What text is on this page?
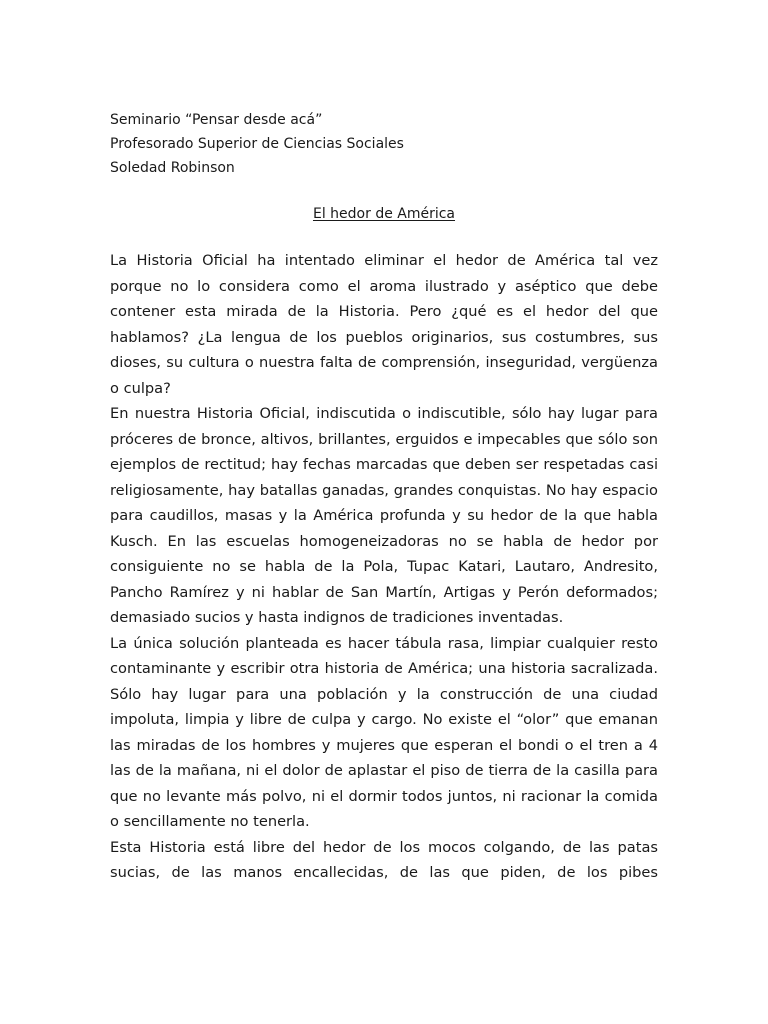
Seminario “Pensar desde acá”

Profesorado Superior de Ciencias Sociales

Soledad Robinson

El hedor de América

La Historia Oficial ha intentado eliminar el hedor de América tal vez porque no lo considera como el aroma ilustrado y aséptico que debe contener esta mirada de la Historia. Pero ¿qué es el hedor del que hablamos? ¿La lengua de los pueblos originarios, sus costumbres, sus dioses, su cultura o nuestra falta de comprensión, inseguridad, vergüenza o culpa?

En nuestra Historia Oficial, indiscutida o indiscutible, sólo hay lugar para próceres de bronce, altivos, brillantes, erguidos e impecables que sólo son ejemplos de rectitud; hay fechas marcadas que deben ser respetadas casi religiosamente, hay batallas ganadas, grandes conquistas. No hay espacio para caudillos, masas y la América profunda y su hedor de la que habla Kusch. En las escuelas homogeneizadoras no se habla de hedor por consiguiente no se habla de la Pola, Tupac Katari, Lautaro, Andresito, Pancho Ramírez y ni hablar de San Martín, Artigas y Perón deformados; demasiado sucios y hasta indignos de tradiciones inventadas.

La única solución planteada es hacer tábula rasa, limpiar cualquier resto contaminante y escribir otra historia de América; una historia sacralizada. Sólo hay lugar para una población y la construcción de una ciudad impoluta, limpia y libre de culpa y cargo. No existe el “olor” que emanan las miradas de los hombres y mujeres que esperan el bondi o el tren a 4 las de la mañana, ni el dolor de aplastar el piso de tierra de la casilla para que no levante más polvo, ni el dormir todos juntos, ni racionar la comida o sencillamente no tenerla.

Esta Historia está libre del hedor de los mocos colgando, de las patas sucias, de las manos encallecidas, de las que piden, de los pibes
